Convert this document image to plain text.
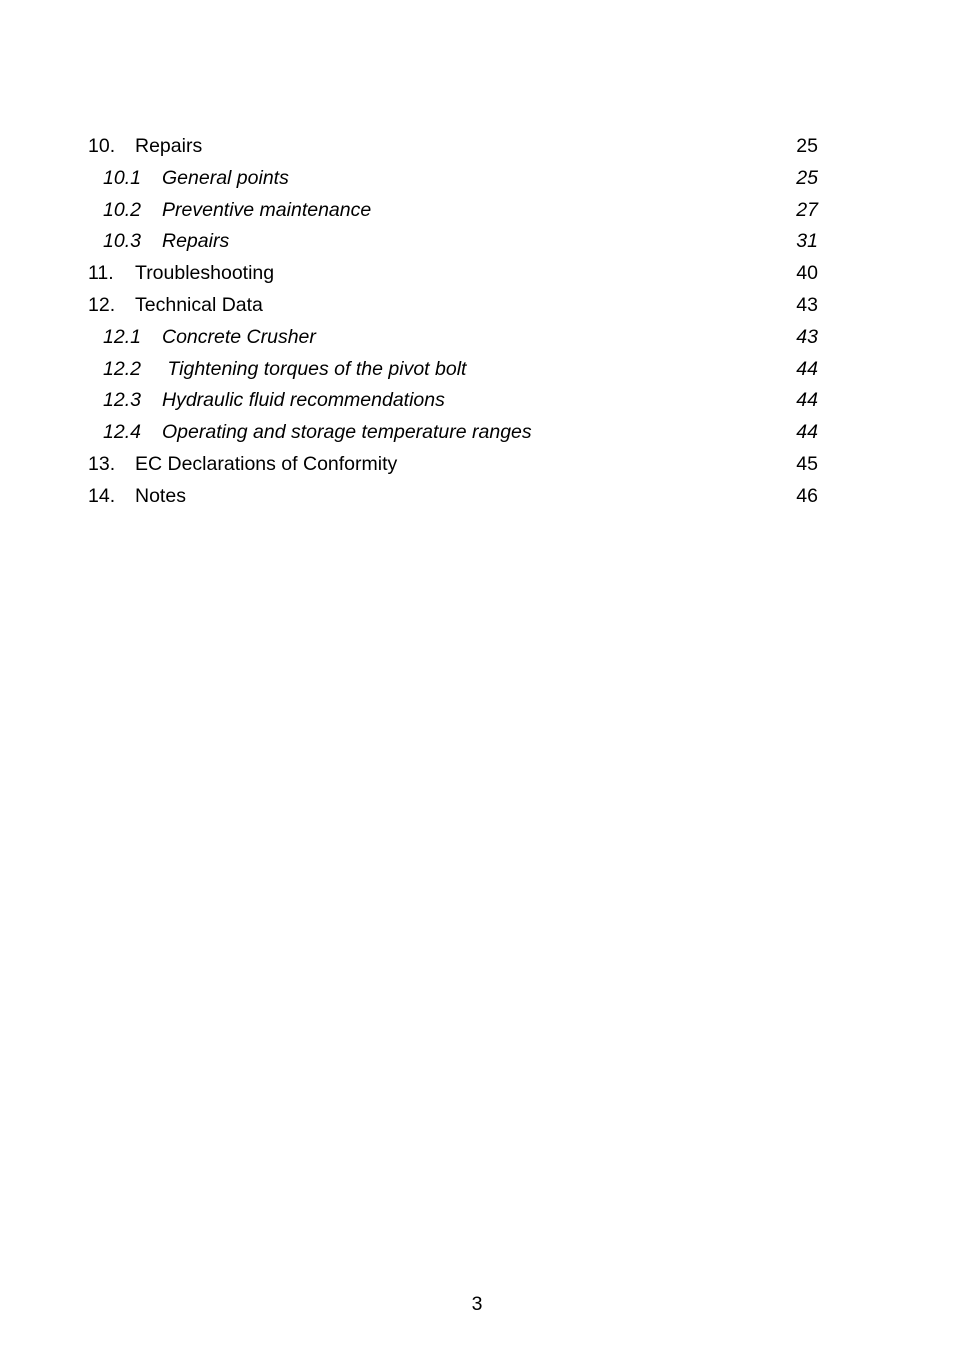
10. Repairs	25
10.1 General points	25
10.2 Preventive maintenance	27
10.3 Repairs	31
11. Troubleshooting	40
12. Technical Data	43
12.1 Concrete Crusher	43
12.2 Tightening torques of the pivot bolt	44
12.3 Hydraulic fluid recommendations	44
12.4 Operating and storage temperature ranges	44
13. EC Declarations of Conformity	45
14. Notes	46
3
